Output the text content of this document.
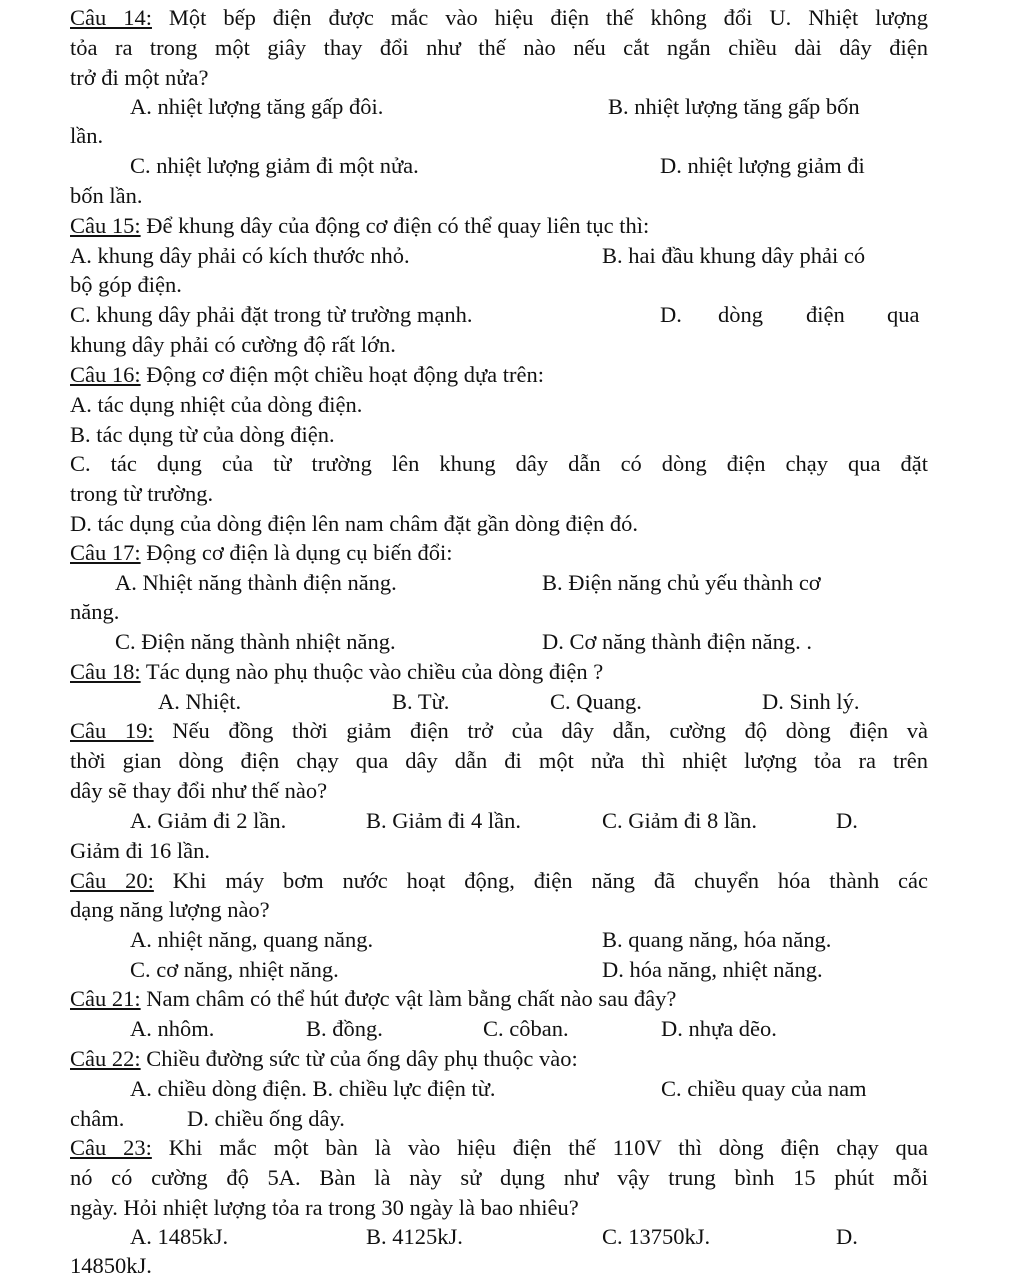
Câu 14: Một bếp điện được mắc vào hiệu điện thế không đổi U. Nhiệt lượng
tỏa ra trong một giây thay đổi như thế nào nếu cắt ngắn chiều dài dây điện
trở đi một nửa?
A. nhiệt lượng tăng gấp đôi.	B. nhiệt lượng tăng gấp bốn
lần.
C. nhiệt lượng giảm đi một nửa.	D. nhiệt lượng giảm đi
bốn lần.
Câu 15: Để khung dây của động cơ điện có thể quay liên tục thì:
A. khung dây phải có kích thước nhỏ.	B. hai đầu khung dây phải có
bộ góp điện.
C. khung dây phải đặt trong từ trường mạnh.	D. dòng điện qua
khung dây phải có cường độ rất lớn.
Câu 16: Động cơ điện một chiều hoạt động dựa trên:
A. tác dụng nhiệt của dòng điện.
B. tác dụng từ của dòng điện.
C. tác dụng của từ trường lên khung dây dẫn có dòng điện chạy qua đặt
trong từ trường.
D. tác dụng của dòng điện lên nam châm đặt gần dòng điện đó.
Câu 17: Động cơ điện là dụng cụ biến đổi:
A. Nhiệt năng thành điện năng.	B. Điện năng chủ yếu thành cơ
năng.
C. Điện năng thành nhiệt năng.	D. Cơ năng thành điện năng. .
Câu 18: Tác dụng nào phụ thuộc vào chiều của dòng điện ?
A. Nhiệt.	B. Từ.	C. Quang.	D. Sinh lý.
Câu 19: Nếu đồng thời giảm điện trở của dây dẫn, cường độ dòng điện và
thời gian dòng điện chạy qua dây dẫn đi một nửa thì nhiệt lượng tỏa ra trên
dây sẽ thay đổi như thế nào?
A. Giảm đi 2 lần.	B. Giảm đi 4 lần.	C. Giảm đi 8 lần.	D.
Giảm đi 16 lần.
Câu 20: Khi máy bơm nước hoạt động, điện năng đã chuyển hóa thành các
dạng năng lượng nào?
A. nhiệt năng, quang năng.	B. quang năng, hóa năng.
C. cơ năng, nhiệt năng.	D. hóa năng, nhiệt năng.
Câu 21: Nam châm có thể hút được vật làm bằng chất nào sau đây?
A. nhôm.	B. đồng.	C. côban.	D. nhựa dẽo.
Câu 22: Chiều đường sức từ của ống dây phụ thuộc vào:
A. chiều dòng điện. B. chiều lực điện từ.	C. chiều quay của nam
châm.	D. chiều ống dây.
Câu 23: Khi mắc một bàn là vào hiệu điện thế 110V thì dòng điện chạy qua
nó có cường độ 5A. Bàn là này sử dụng như vậy trung bình 15 phút mỗi
ngày. Hỏi nhiệt lượng tỏa ra trong 30 ngày là bao nhiêu?
A. 1485kJ.	B. 4125kJ.	C. 13750kJ.	D.
14850kJ.
